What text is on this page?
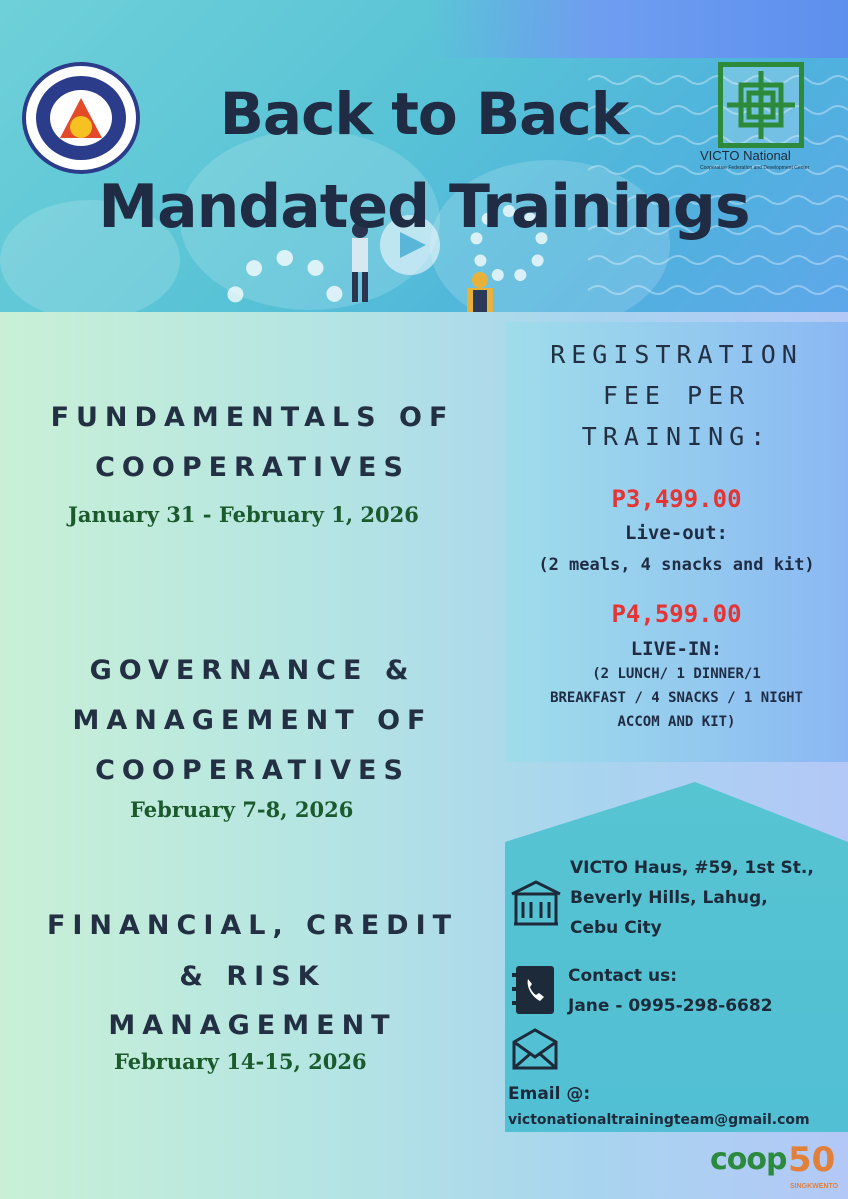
Back to Back
Mandated Trainings
VICTO National
Cooperative Federation and Development Center
FUNDAMENTALS OF
COOPERATIVES
January 31 - February 1, 2026
GOVERNANCE &
MANAGEMENT OF
COOPERATIVES
February 7-8, 2026
FINANCIAL, CREDIT
& RISK
MANAGEMENT
February 14-15, 2026
REGISTRATION
FEE PER
TRAINING:
P3,499.00
Live-out:
(2 meals, 4 snacks and kit)
P4,599.00
LIVE-IN:
(2 LUNCH/ 1 DINNER/1
BREAKFAST / 4 SNACKS / 1 NIGHT
ACCOM AND KIT)
VICTO Haus, #59, 1st St.,
Beverly Hills, Lahug,
Cebu City
Contact us:
Jane - 0995-298-6682
Email @:
victonationaltrainingteam@gmail.com
coop 50
SINGKWENTO
